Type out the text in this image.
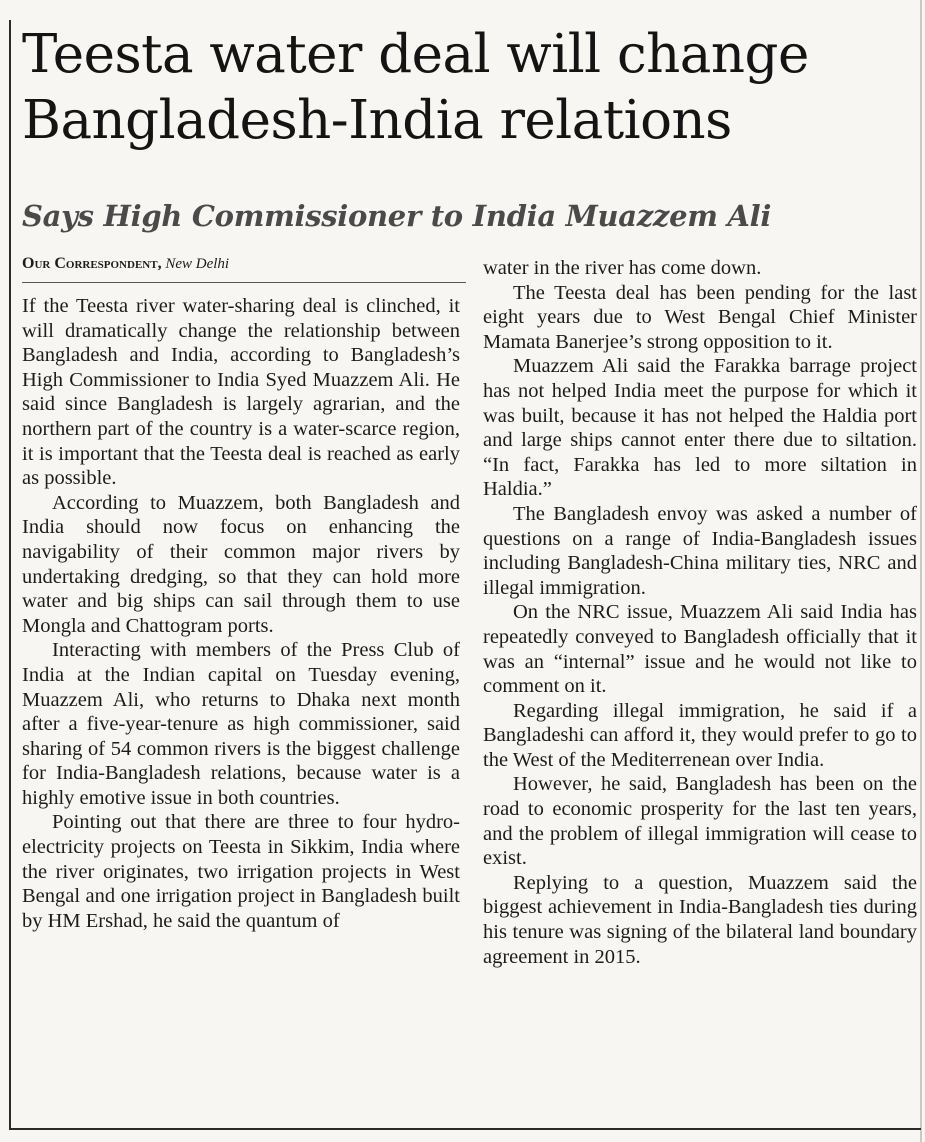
Teesta water deal will change Bangladesh-India relations
Says High Commissioner to India Muazzem Ali
Our Correspondent, New Delhi

If the Teesta river water-sharing deal is clinched, it will dramatically change the relationship between Bangladesh and India, according to Bangladesh’s High Commissioner to India Syed Muazzem Ali. He said since Bangladesh is largely agrarian, and the northern part of the country is a water-scarce region, it is important that the Teesta deal is reached as early as possible.

According to Muazzem, both Bangladesh and India should now focus on enhancing the navigability of their common major rivers by undertaking dredging, so that they can hold more water and big ships can sail through them to use Mongla and Chattogram ports.

Interacting with members of the Press Club of India at the Indian capital on Tuesday evening, Muazzem Ali, who returns to Dhaka next month after a five-year-tenure as high commissioner, said sharing of 54 common rivers is the biggest challenge for India-Bangladesh relations, because water is a highly emotive issue in both countries.

Pointing out that there are three to four hydro-electricity projects on Teesta in Sikkim, India where the river originates, two irrigation projects in West Bengal and one irrigation project in Bangladesh built by HM Ershad, he said the quantum of

water in the river has come down.

The Teesta deal has been pending for the last eight years due to West Bengal Chief Minister Mamata Banerjee’s strong opposition to it.

Muazzem Ali said the Farakka barrage project has not helped India meet the purpose for which it was built, because it has not helped the Haldia port and large ships cannot enter there due to siltation. “In fact, Farakka has led to more siltation in Haldia.”

The Bangladesh envoy was asked a number of questions on a range of India-Bangladesh issues including Bangladesh-China military ties, NRC and illegal immigration.

On the NRC issue, Muazzem Ali said India has repeatedly conveyed to Bangladesh officially that it was an “internal” issue and he would not like to comment on it.

Regarding illegal immigration, he said if a Bangladeshi can afford it, they would prefer to go to the West of the Mediterrenean over India.

However, he said, Bangladesh has been on the road to economic prosperity for the last ten years, and the problem of illegal immigration will cease to exist.

Replying to a question, Muazzem said the biggest achievement in India-Bangladesh ties during his tenure was signing of the bilateral land boundary agreement in 2015.
